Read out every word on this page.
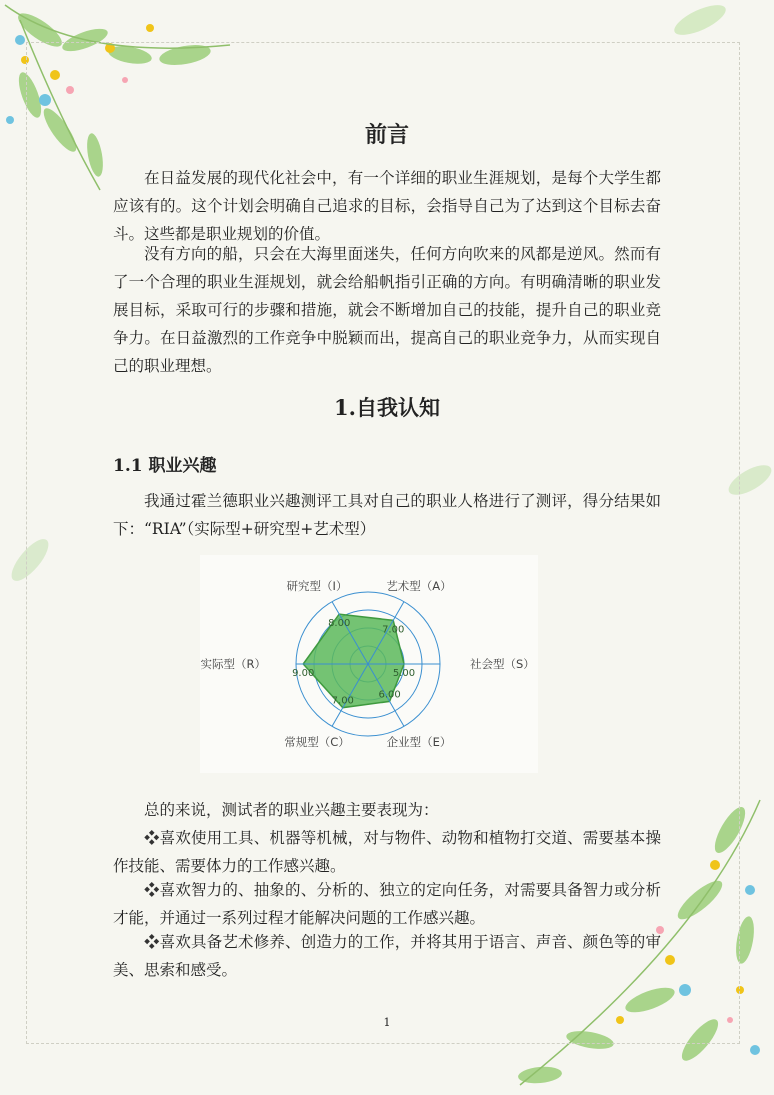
前言

在日益发展的现代化社会中，有一个详细的职业生涯规划，是每个大学生都应该有的。这个计划会明确自己追求的目标，会指导自己为了达到这个目标去奋斗。这些都是职业规划的价值。

没有方向的船，只会在大海里面迷失，任何方向吹来的风都是逆风。然而有了一个合理的职业生涯规划，就会给船帆指引正确的方向。有明确清晰的职业发展目标，采取可行的步骤和措施，就会不断增加自己的技能，提升自己的职业竞争力。在日益激烈的工作竞争中脱颖而出，提高自己的职业竞争力，从而实现自己的职业理想。

1.自我认知
1.1 职业兴趣

我通过霍兰德职业兴趣测评工具对自己的职业人格进行了测评，得分结果如下：“RIA”（实际型+研究型+艺术型）

7.00
5.00
6.00
7.00
9.00
8.00
艺术型（A）
社会型（S）
企业型（E）
常规型（C）
实际型（R）
研究型（I）

总的来说，测试者的职业兴趣主要表现为：

❖喜欢使用工具、机器等机械，对与物件、动物和植物打交道、需要基本操作技能、需要体力的工作感兴趣。

❖喜欢智力的、抽象的、分析的、独立的定向任务，对需要具备智力或分析才能，并通过一系列过程才能解决问题的工作感兴趣。

❖喜欢具备艺术修养、创造力的工作，并将其用于语言、声音、颜色等的审美、思索和感受。

1
